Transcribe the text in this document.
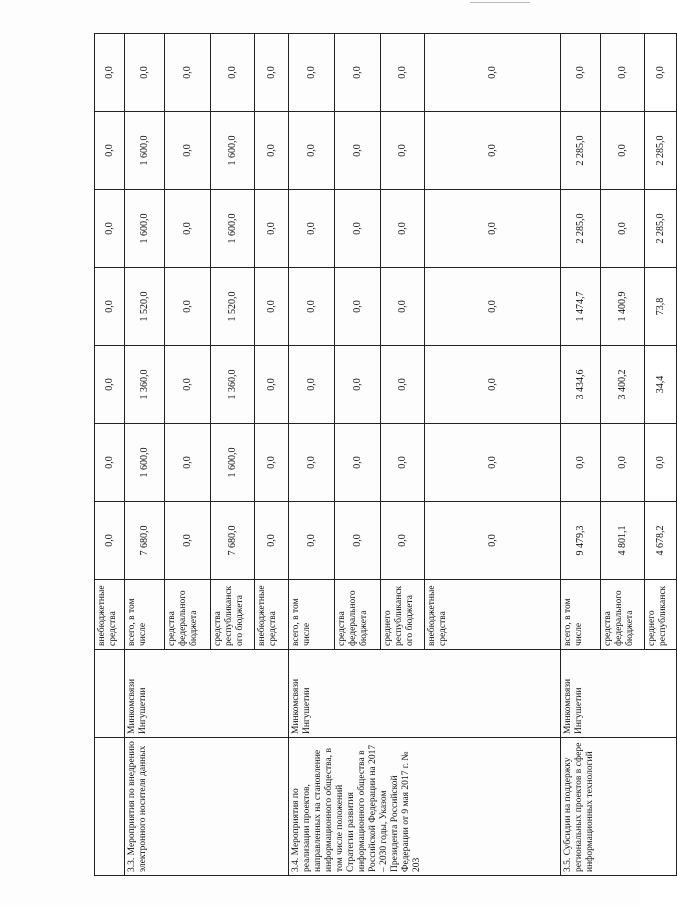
		внебюджетные средства	0,0	0,0	0,0	0,0	0,0	0,0	0,0
3.3. Мероприятия по внедрению электронного носителя данных	Минкомсвязи Ингушетии	всего, в том числе	7 680,0	1 600,0	1 360,0	1 520,0	1 600,0	1 600,0	0,0
		средства федерального бюджета	0,0	0,0	0,0	0,0	0,0	0,0	0,0
		средства республиканск ого бюджета	7 680,0	1 600,0	1 360,0	1 520,0	1 600,0	1 600,0	0,0
		внебюджетные средства	0,0	0,0	0,0	0,0	0,0	0,0	0,0
3.4. Мероприятия по реализации проектов, направленных на становление информационного общества, в том числе положений Стратегии развития информационного общества в Российской Федерации на 2017 – 2030 годы, Указом Президента Российской Федерации от 9 мая 2017 г. № 203	Минкомсвязи Ингушетии	всего, в том числе	0,0	0,0	0,0	0,0	0,0	0,0	0,0
		средства федерального бюджета	0,0	0,0	0,0	0,0	0,0	0,0	0,0
		среднего республиканск ого бюджета	0,0	0,0	0,0	0,0	0,0	0,0	0,0
		внебюджетные средства	0,0	0,0	0,0	0,0	0,0	0,0	0,0
3.5. Субсидии на поддержку региональных проектов в сфере информационных технологий	Минкомсвязи Ингушетии	всего, в том числе	9 479,3	0,0	3 434,6	1 474,7	2 285,0	2 285,0	0,0
		средства федерального бюджета	4 801,1	0,0	3 400,2	1 400,9	0,0	0,0	0,0
		среднего республиканск	4 678,2	0,0	34,4	73,8	2 285,0	2 285,0	0,0
